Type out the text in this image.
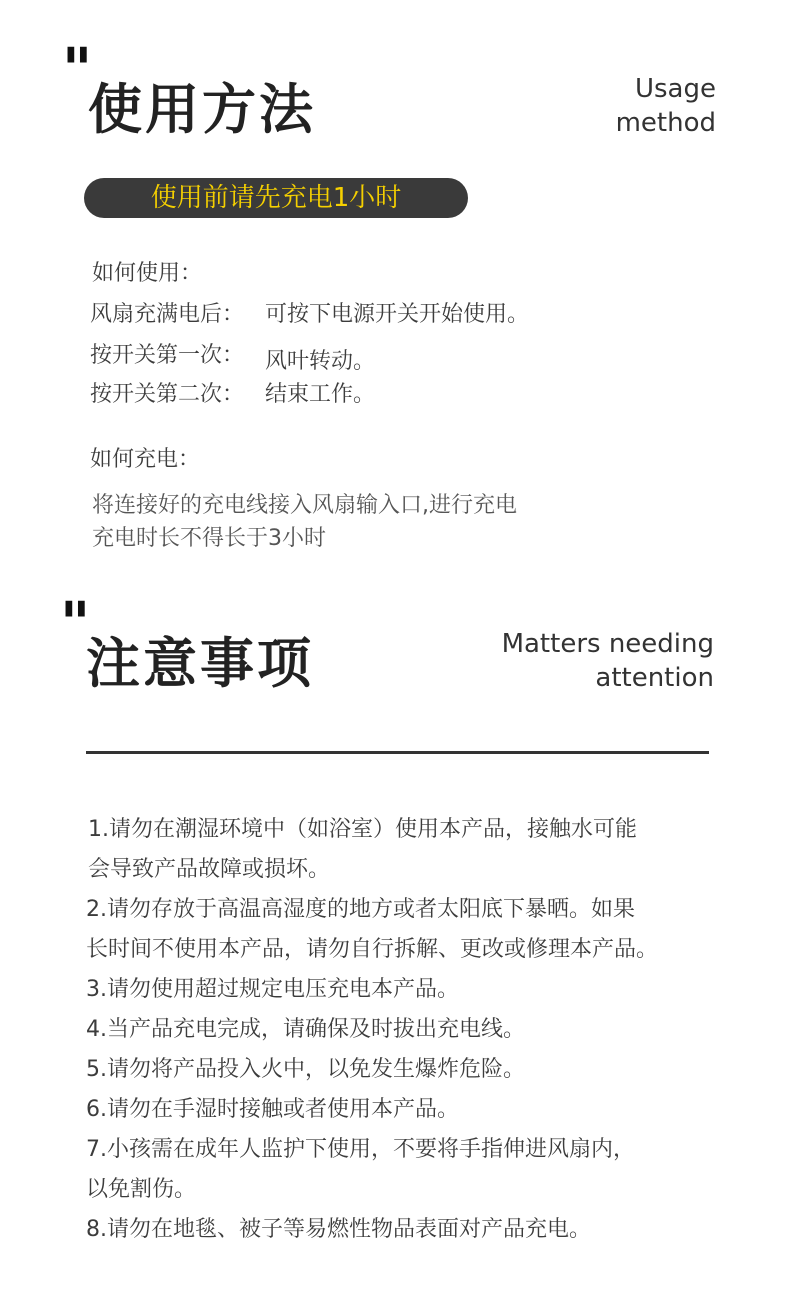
"
使用方法	Usage
method
使用前请先充电1小时
如何使用：
风扇充满电后： 可按下电源开关开始使用。
按开关第一次： 风叶转动。
按开关第二次： 结束工作。
如何充电：
将连接好的充电线接入风扇输入口,进行充电
充电时长不得长于3小时
"
注意事项	Matters needing
attention
1.请勿在潮湿环境中（如浴室）使用本产品，接触水可能
会导致产品故障或损坏。
2.请勿存放于高温高湿度的地方或者太阳底下暴晒。如果
长时间不使用本产品，请勿自行拆解、更改或修理本产品。
3.请勿使用超过规定电压充电本产品。
4.当产品充电完成，请确保及时拔出充电线。
5.请勿将产品投入火中，以免发生爆炸危险。
6.请勿在手湿时接触或者使用本产品。
7.小孩需在成年人监护下使用，不要将手指伸进风扇内，
以免割伤。
8.请勿在地毯、被子等易燃性物品表面对产品充电。
